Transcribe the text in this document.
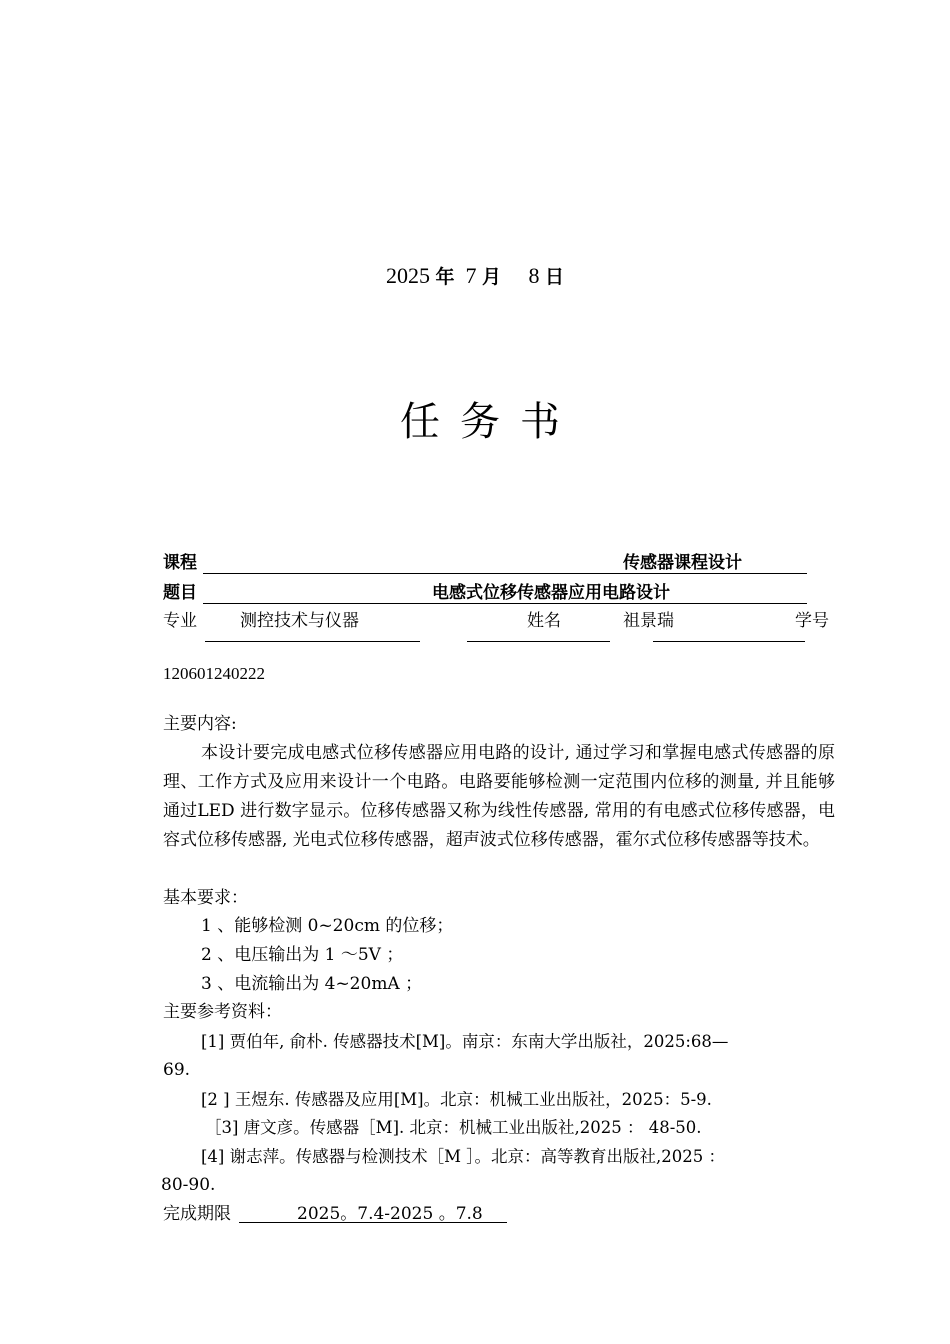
2025 年 7 月 8 日
任务书
课程	传感器课程设计
题目	电感式位移传感器应用电路设计
专业	测控技术与仪器	姓名	祖景瑞	学号
120601240222
主要内容:
本设计要完成电感式位移传感器应用电路的设计, 通过学习和掌握电感式传感器的原理、工作方式及应用来设计一个电路。电路要能够检测一定范围内位移的测量, 并且能够通过LED 进行数字显示。位移传感器又称为线性传感器, 常用的有电感式位移传感器，电容式位移传感器, 光电式位移传感器，超声波式位移传感器，霍尔式位移传感器等技术。
基本要求：
1 、能够检测 0~20cm 的位移；
2 、电压输出为 1 ～5V ；
3 、电流输出为 4~20mA ；
主要参考资料：
[1] 贾伯年, 俞朴. 传感器技术[M]。南京：东南大学出版社，2025:68—
69.
[2 ] 王煜东. 传感器及应用[M]。北京：机械工业出版社，2025：5-9.
［3] 唐文彦。传感器［M]. 北京：机械工业出版社,2025 ： 48-50.
[4] 谢志萍。传感器与检测技术［M ］。北京：高等教育出版社,2025 ：
80-90.
完成期限	2025。7.4-2025 。7.8
